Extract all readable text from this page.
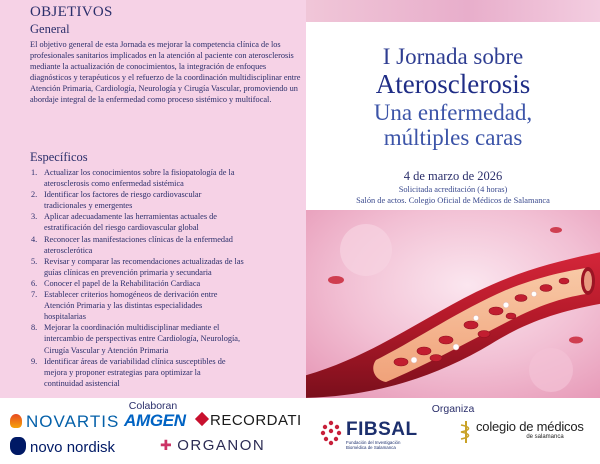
OBJETIVOS
General
El objetivo general de esta Jornada es mejorar la competencia clínica de los profesionales sanitarios implicados en la atención al paciente con aterosclerosis mediante la actualización de conocimientos, la integración de enfoques diagnósticos y terapéuticos y el refuerzo de la coordinación multidisciplinar entre Atención Primaria, Cardiología, Neurología y Cirugía Vascular, promoviendo un abordaje integral de la enfermedad como proceso sistémico y multifocal.
Específicos
1. Actualizar los conocimientos sobre la fisiopatología de la
aterosclerosis como enfermedad sistémica
2. Identificar los factores de riesgo cardiovascular
tradicionales y emergentes
3. Aplicar adecuadamente las herramientas actuales de
estratificación del riesgo cardiovascular global
4. Reconocer las manifestaciones clínicas de la enfermedad
aterosclerótica
5. Revisar y comparar las recomendaciones actualizadas de las
guías clínicas en prevención primaria y secundaria
6. Conocer el papel de la Rehabilitación Cardiaca
7. Establecer criterios homogéneos de derivación entre
Atención Primaria y las distintas especialidades
hospitalarias
8. Mejorar la coordinación multidisciplinar mediante el
intercambio de perspectivas entre Cardiología, Neurología,
Cirugía Vascular y Atención Primaria
9. Identificar áreas de variabilidad clínica susceptibles de
mejora y proponer estrategias para optimizar la
continuidad asistencial
I Jornada sobre
Aterosclerosis
Una enfermedad,
múltiples caras
4 de marzo de 2026
Solicitada acreditación (4 horas)
Salón de actos. Colegio Oficial de Médicos de Salamanca
Colaboran
NOVARTIS AMGEN	RECORDATI
novo nordisk	✚ ORGANON
Organiza
FIBSAL
Fundación del Investigación
Biomédica de Salamanca
colegio de médicos
de salamanca
